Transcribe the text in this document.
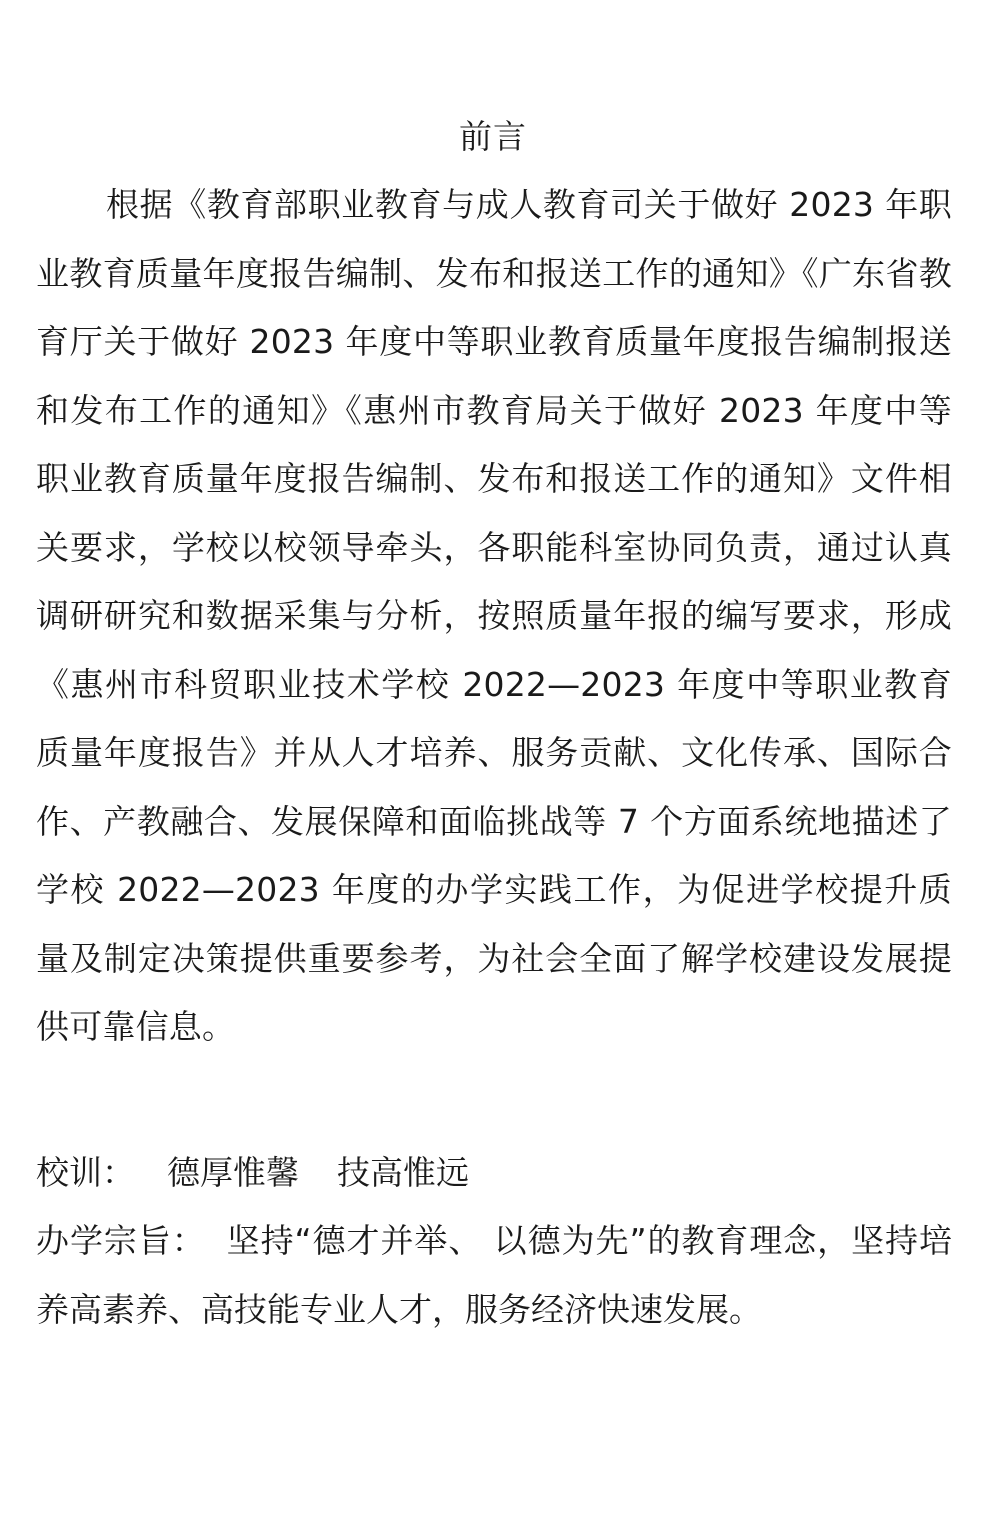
前言

根据《教育部职业教育与成人教育司关于做好 2023 年职业教育质量年度报告编制、发布和报送工作的通知》《广东省教育厅关于做好 2023 年度中等职业教育质量年度报告编制报送和发布工作的通知》《惠州市教育局关于做好 2023 年度中等职业教育质量年度报告编制、发布和报送工作的通知》文件相关要求，学校以校领导牵头，各职能科室协同负责，通过认真调研研究和数据采集与分析，按照质量年报的编写要求，形成《惠州市科贸职业技术学校 2022—2023 年度中等职业教育质量年度报告》并从人才培养、服务贡献、文化传承、国际合作、产教融合、发展保障和面临挑战等 7 个方面系统地描述了学校 2022—2023 年度的办学实践工作，为促进学校提升质量及制定决策提供重要参考，为社会全面了解学校建设发展提供可靠信息。

校训： 德厚惟馨 技高惟远

办学宗旨： 坚持“德才并举、 以德为先”的教育理念，坚持培养高素养、高技能专业人才，服务经济快速发展。
